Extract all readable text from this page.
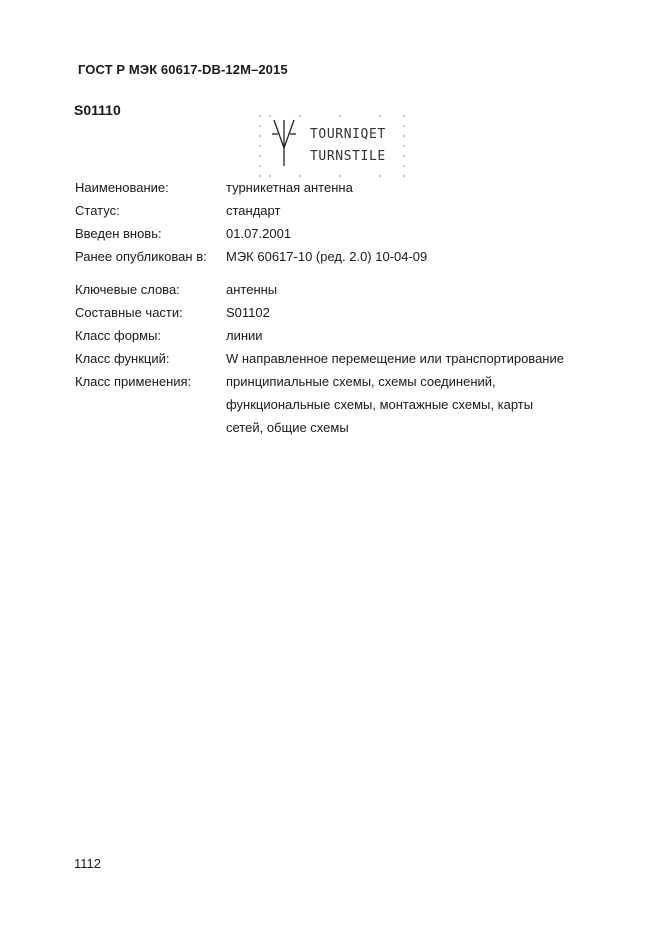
ГОСТ Р МЭК 60617-DB-12M–2015
S01110
TOURNIQET
TURNSTILE
Наименование:	турникетная антенна
Статус:	стандарт
Введен вновь:	01.07.2001
Ранее опубликован в:	МЭК 60617-10 (ред. 2.0) 10-04-09
Ключевые слова:	антенны
Составные части:	S01102
Класс формы:	линии
Класс функций:	W направленное перемещение или транспортирование
Класс применения:	принципиальные схемы, схемы соединений,
функциональные схемы, монтажные схемы, карты
сетей, общие схемы
1112
